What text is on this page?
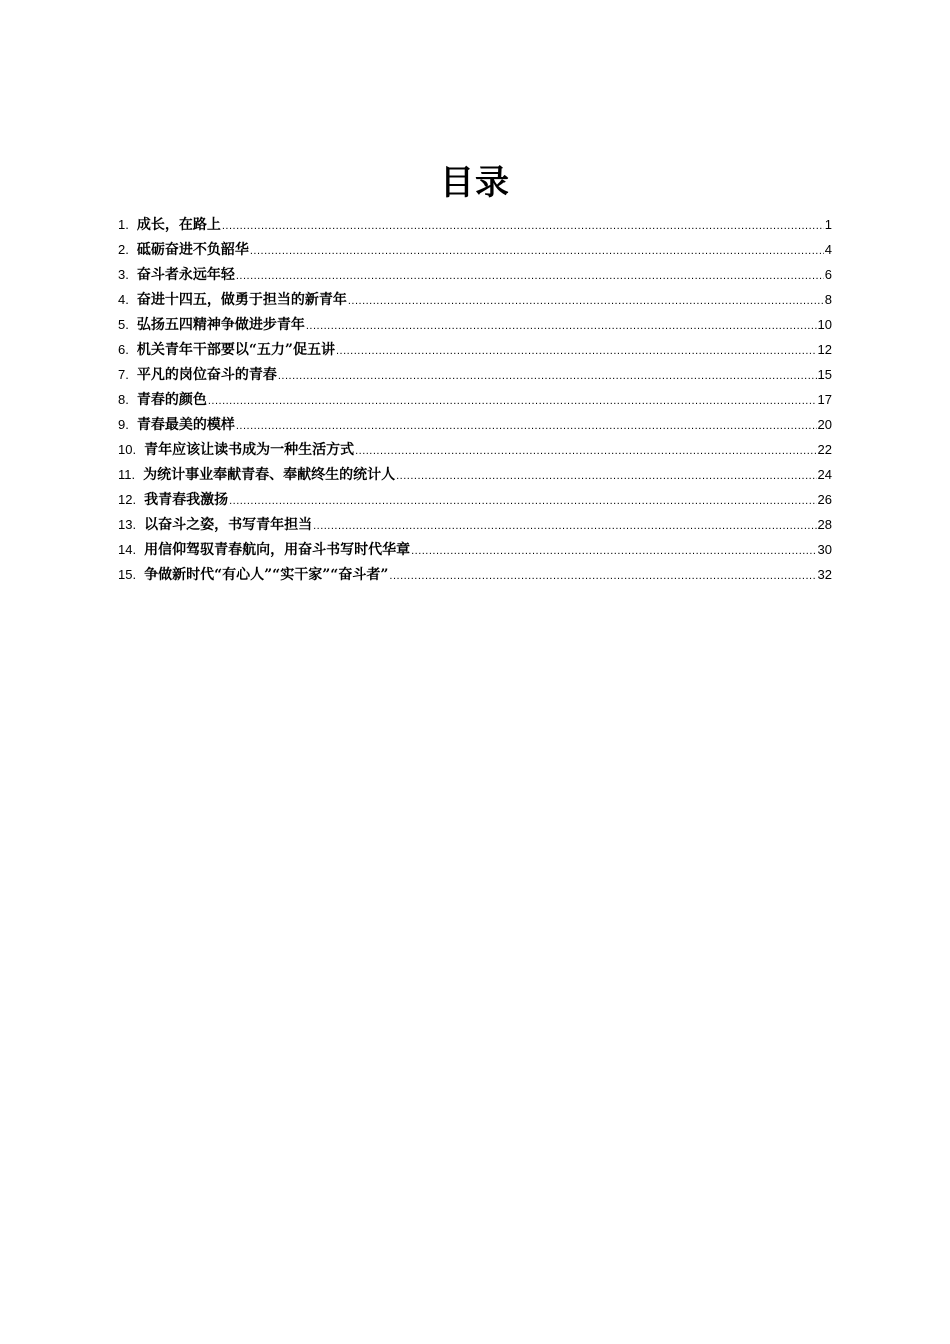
目录
1. 成长，在路上 .....	1
2. 砥砺奋进不负韶华 .....	4
3. 奋斗者永远年轻 .....	6
4. 奋进十四五，做勇于担当的新青年 .....	8
5. 弘扬五四精神争做进步青年 .....	10
6. 机关青年干部要以“五力”促五讲 .....	12
7. 平凡的岗位奋斗的青春 .....	15
8. 青春的颜色 .....	17
9. 青春最美的模样 .....	20
10. 青年应该让读书成为一种生活方式 .....	22
11. 为统计事业奉献青春、奉献终生的统计人 .....	24
12. 我青春我激扬 .....	26
13. 以奋斗之姿，书写青年担当 .....	28
14. 用信仰驾驭青春航向，用奋斗书写时代华章 .....	30
15. 争做新时代“有心人”“实干家”“奋斗者” .....	32
